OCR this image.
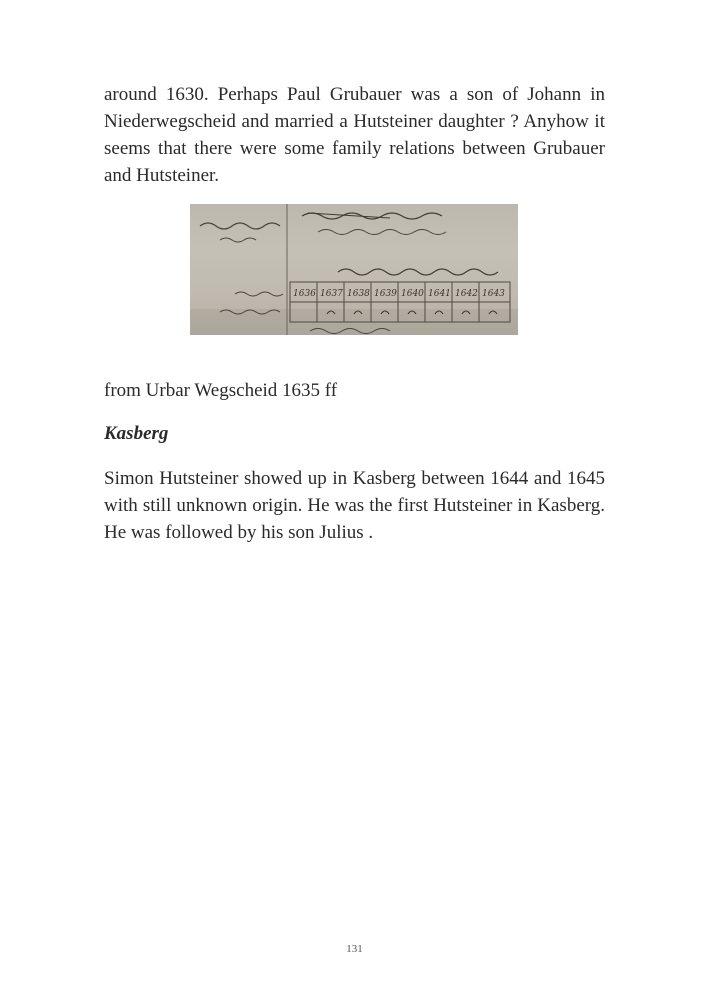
around 1630. Perhaps Paul Grubauer was a son of Johann in Niederwegscheid and married a Hutsteiner daughter ? Anyhow it seems that there were some family relations between Grubauer and Hutsteiner.

1636 1637 1638 1639 1640 1641 1642 1643

from Urbar Wegscheid 1635 ff

Kasberg

Simon Hutsteiner showed up in Kasberg between 1644 and 1645 with still unknown origin. He was the first Hutsteiner in Kasberg. He was followed by his son Julius .

131
